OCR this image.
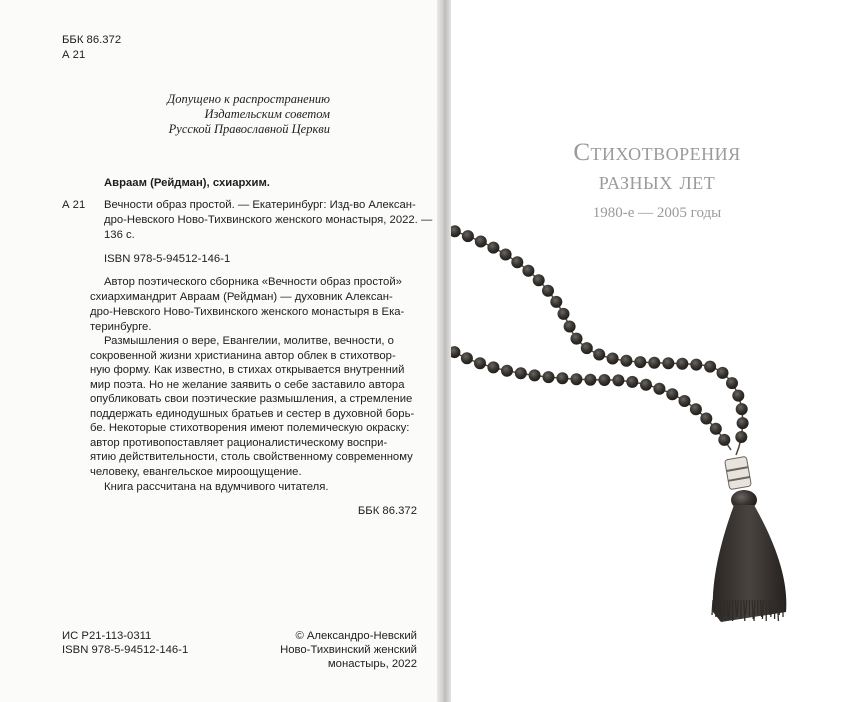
ББК 86.372
А 21
Допущено к распространению
Издательским советом
Русской Православной Церкви
Авраам (Рейдман), схиархим.
А 21 Вечности образ простой. — Екатеринбург: Изд-во Алексан-
дро-Невского Ново-Тихвинского женского монастыря, 2022. —
136 с.
ISBN 978-5-94512-146-1
Автор поэтического сборника «Вечности образ простой»
схиархимандрит Авраам (Рейдман) — духовник Алексан-
дро-Невского Ново-Тихвинского женского монастыря в Ека-
теринбурге.
Размышления о вере, Евангелии, молитве, вечности, о
сокровенной жизни христианина автор облек в стихотвор-
ную форму. Как известно, в стихах открывается внутренний
мир поэта. Но не желание заявить о себе заставило автора
опубликовать свои поэтические размышления, а стремление
поддержать единодушных братьев и сестер в духовной борь-
бе. Некоторые стихотворения имеют полемическую окраску:
автор противопоставляет рационалистическому воспри-
ятию действительности, столь свойственному современному
человеку, евангельское мироощущение.
Книга рассчитана на вдумчивого читателя.
ББК 86.372
ИС Р21-113-0311
ISBN 978-5-94512-146-1
© Александро-Невский
Ново-Тихвинский женский
монастырь, 2022
Стихотворения
разных лет
1980-е — 2005 годы
